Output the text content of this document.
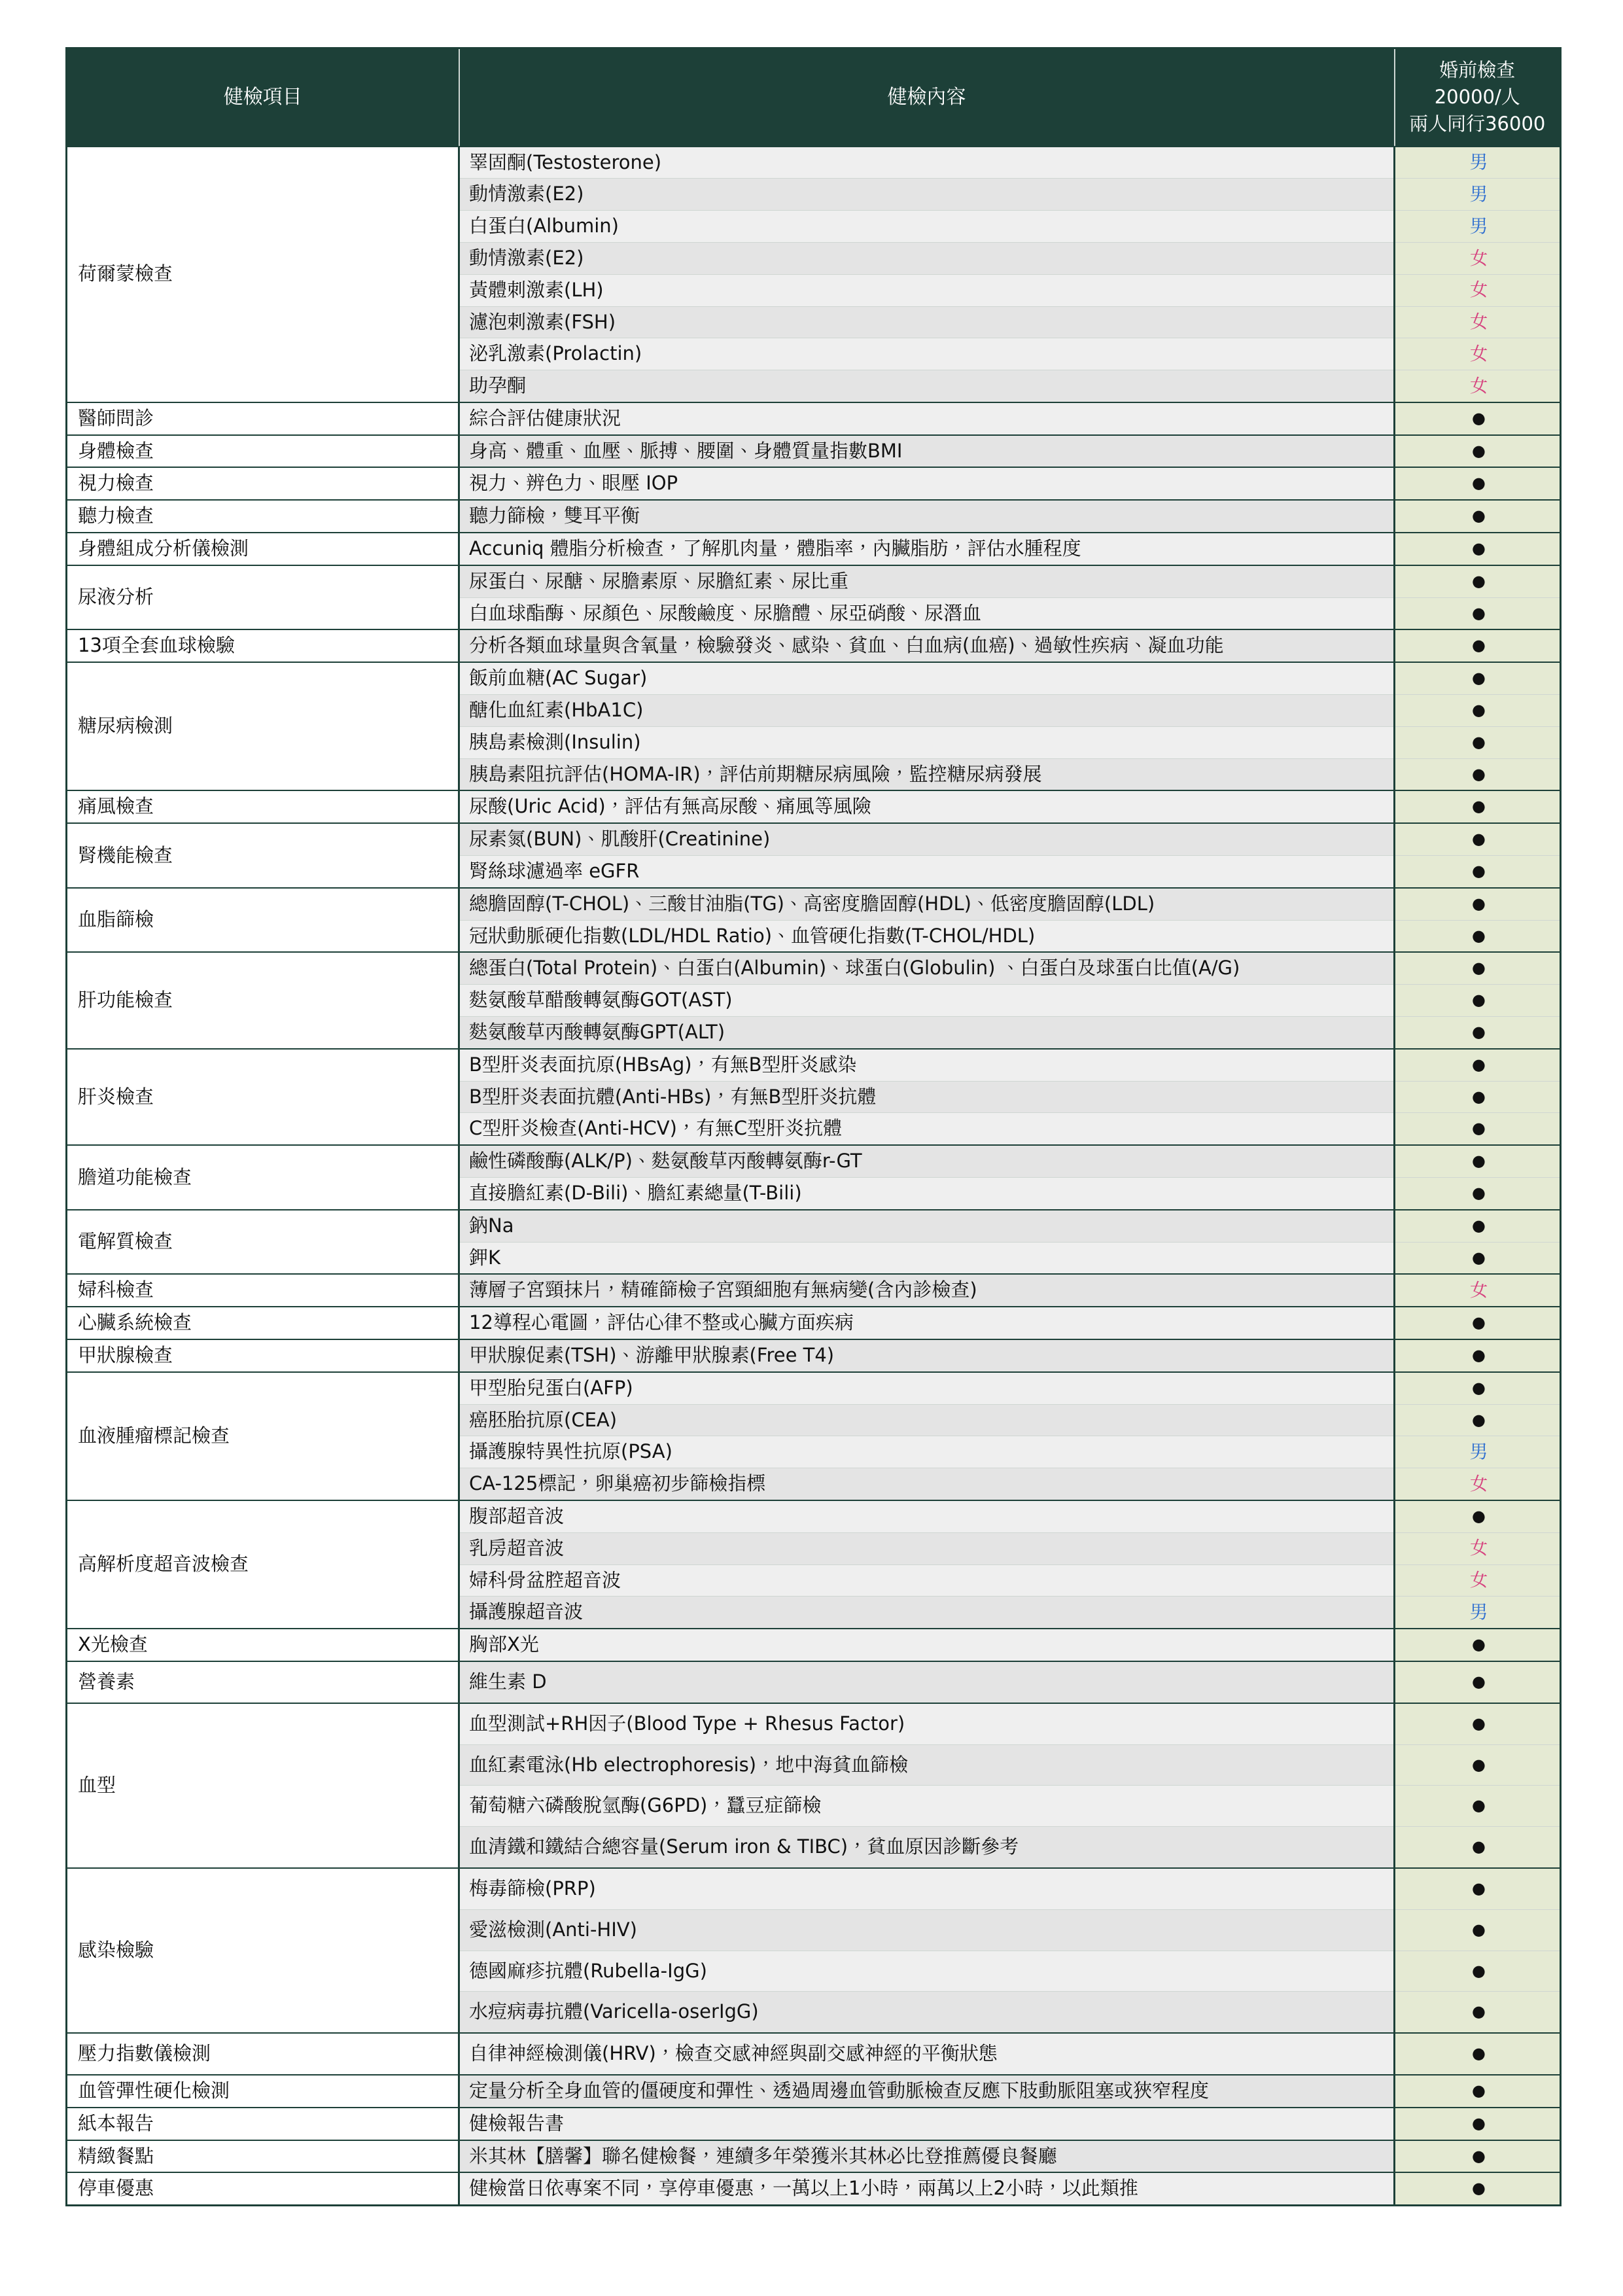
健檢項目	健檢內容	婚前檢查
20000/人
兩人同行36000

荷爾蒙檢查	睪固酮(Testosterone)	男
	動情激素(E2)	男
	白蛋白(Albumin)	男
	動情激素(E2)	女
	黃體刺激素(LH)	女
	濾泡刺激素(FSH)	女
	泌乳激素(Prolactin)	女
	助孕酮	女
醫師問診	綜合評估健康狀況	●
身體檢查	身高、體重、血壓、脈搏、腰圍、身體質量指數BMI	●
視力檢查	視力、辨色力、眼壓 IOP	●
聽力檢查	聽力篩檢，雙耳平衡	●
身體組成分析儀檢測	Accuniq 體脂分析檢查，了解肌肉量，體脂率，內臟脂肪，評估水腫程度	●
尿液分析	尿蛋白、尿醣、尿膽素原、尿膽紅素、尿比重	●
	白血球酯酶、尿顏色、尿酸鹼度、尿膽醴、尿亞硝酸、尿潛血	●
13項全套血球檢驗	分析各類血球量與含氧量，檢驗發炎、感染、貧血、白血病(血癌)、過敏性疾病、凝血功能	●
糖尿病檢測	飯前血糖(AC Sugar)	●
	醣化血紅素(HbA1C)	●
	胰島素檢測(Insulin)	●
	胰島素阻抗評估(HOMA-IR)，評估前期糖尿病風險，監控糖尿病發展	●
痛風檢查	尿酸(Uric Acid)，評估有無高尿酸、痛風等風險	●
腎機能檢查	尿素氮(BUN)、肌酸肝(Creatinine)	●
	腎絲球濾過率 eGFR	●
血脂篩檢	總膽固醇(T-CHOL)、三酸甘油脂(TG)、高密度膽固醇(HDL)、低密度膽固醇(LDL)	●
	冠狀動脈硬化指數(LDL/HDL Ratio)、血管硬化指數(T-CHOL/HDL)	●
肝功能檢查	總蛋白(Total Protein)、白蛋白(Albumin)、球蛋白(Globulin) 、白蛋白及球蛋白比值(A/G)	●
	麩氨酸草醋酸轉氨酶GOT(AST)	●
	麩氨酸草丙酸轉氨酶GPT(ALT)	●
肝炎檢查	B型肝炎表面抗原(HBsAg)，有無B型肝炎感染	●
	B型肝炎表面抗體(Anti-HBs)，有無B型肝炎抗體	●
	C型肝炎檢查(Anti-HCV)，有無C型肝炎抗體	●
膽道功能檢查	鹼性磷酸酶(ALK/P)、麩氨酸草丙酸轉氨酶r-GT	●
	直接膽紅素(D-Bili)、膽紅素總量(T-Bili)	●
電解質檢查	鈉Na	●
	鉀K	●
婦科檢查	薄層子宮頸抹片，精確篩檢子宮頸細胞有無病變(含內診檢查)	女
心臟系統檢查	12導程心電圖，評估心律不整或心臟方面疾病	●
甲狀腺檢查	甲狀腺促素(TSH)、游離甲狀腺素(Free T4)	●
血液腫瘤標記檢查	甲型胎兒蛋白(AFP)	●
	癌胚胎抗原(CEA)	●
	攝護腺特異性抗原(PSA)	男
	CA-125標記，卵巢癌初步篩檢指標	女
高解析度超音波檢查	腹部超音波	●
	乳房超音波	女
	婦科骨盆腔超音波	女
	攝護腺超音波	男
X光檢查	胸部X光	●
營養素	維生素 D	●
血型	血型測試+RH因子(Blood Type + Rhesus Factor)	●
	血紅素電泳(Hb electrophoresis)，地中海貧血篩檢	●
	葡萄糖六磷酸脫氫酶(G6PD)，蠶豆症篩檢	●
	血清鐵和鐵結合總容量(Serum iron & TIBC)，貧血原因診斷參考	●
感染檢驗	梅毒篩檢(PRP)	●
	愛滋檢測(Anti-HIV)	●
	德國麻疹抗體(Rubella-IgG)	●
	水痘病毒抗體(Varicella-oserIgG)	●
壓力指數儀檢測	自律神經檢測儀(HRV)，檢查交感神經與副交感神經的平衡狀態	●
血管彈性硬化檢測	定量分析全身血管的僵硬度和彈性、透過周邊血管動脈檢查反應下肢動脈阻塞或狹窄程度	●
紙本報告	健檢報告書	●
精緻餐點	米其林【膳馨】聯名健檢餐，連續多年榮獲米其林必比登推薦優良餐廳	●
停車優惠	健檢當日依專案不同，享停車優惠，一萬以上1小時，兩萬以上2小時，以此類推	●
